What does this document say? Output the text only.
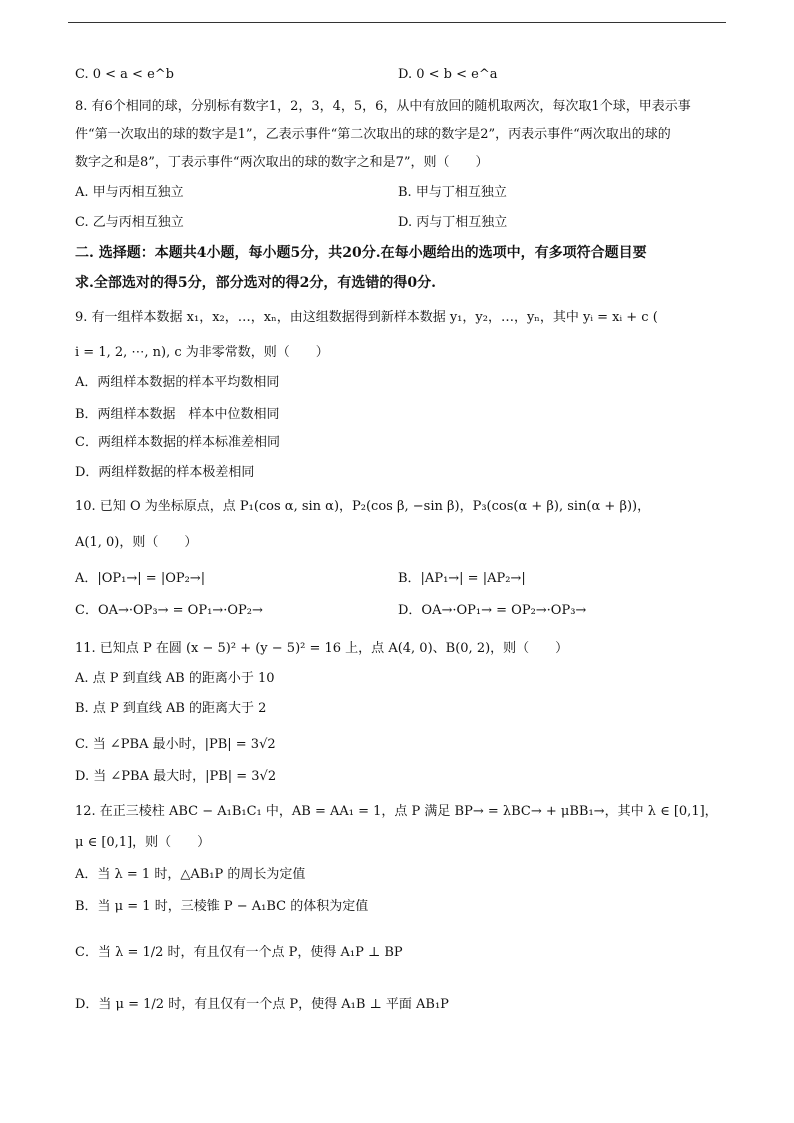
C. 0 < a < e^b	D. 0 < b < e^a
8. 有6个相同的球，分别标有数字1，2，3，4，5，6，从中有放回的随机取两次，每次取1个球，甲表示事
件“第一次取出的球的数字是1”，乙表示事件“第二次取出的球的数字是2”，丙表示事件“两次取出的球的
数字之和是8”，丁表示事件“两次取出的球的数字之和是7”，则（　　）
A. 甲与丙相互独立	B. 甲与丁相互独立
C. 乙与丙相互独立	D. 丙与丁相互独立
二. 选择题：本题共4小题，每小题5分，共20分.在每小题给出的选项中，有多项符合题目要
求.全部选对的得5分，部分选对的得2分，有选错的得0分.
9. 有一组样本数据 x₁，x₂，…，xₙ，由这组数据得到新样本数据 y₁，y₂，…，yₙ，其中 yᵢ = xᵢ + c (
i = 1, 2, ⋯, n), c 为非零常数，则（　　）
A．两组样本数据的样本平均数相同
B．两组样本数据　样本中位数相同
C．两组样本数据的样本标准差相同
D．两组样数据的样本极差相同
10. 已知 O 为坐标原点，点 P₁(cos α, sin α)，P₂(cos β, −sin β)，P₃(cos(α + β), sin(α + β))，
A(1, 0)，则（　　）
A．|OP₁→| = |OP₂→|	B．|AP₁→| = |AP₂→|
C．OA→·OP₃→ = OP₁→·OP₂→	D．OA→·OP₁→ = OP₂→·OP₃→
11. 已知点 P 在圆 (x − 5)² + (y − 5)² = 16 上，点 A(4, 0)、B(0, 2)，则（　　）
A. 点 P 到直线 AB 的距离小于 10
B. 点 P 到直线 AB 的距离大于 2
C. 当 ∠PBA 最小时，|PB| = 3√2
D. 当 ∠PBA 最大时，|PB| = 3√2
12. 在正三棱柱 ABC − A₁B₁C₁ 中，AB = AA₁ = 1，点 P 满足 BP→ = λBC→ + μBB₁→，其中 λ ∈ [0,1]，
μ ∈ [0,1]，则（　　）
A．当 λ = 1 时，△AB₁P 的周长为定值
B．当 μ = 1 时，三棱锥 P − A₁BC 的体积为定值
C．当 λ = 1/2 时，有且仅有一个点 P，使得 A₁P ⊥ BP
D．当 μ = 1/2 时，有且仅有一个点 P，使得 A₁B ⊥ 平面 AB₁P
